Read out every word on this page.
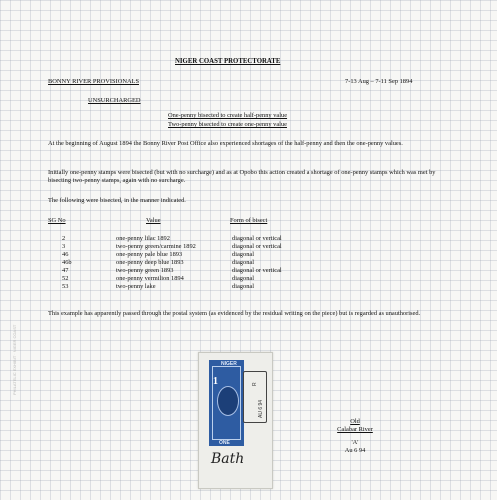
PHILATELIC EXHIBIT · NIGER COAST
NIGER COAST PROTECTORATE
BONNY RIVER PROVISIONALS	7-13 Aug – 7-11 Sep 1894
UNSURCHARGED
One-penny bisected to create half-penny value
Two-penny bisected to create one-penny value
At the beginning of August 1894 the Bonny River Post Office also experienced shortages of the half-penny and then the one-penny values.
Initially one-penny stamps were bisected (but with no surcharge) and as at Opobo this action created a shortage of one-penny stamps which was met by bisecting two-penny stamps, again with no surcharge.
The following were bisected, in the manner indicated.
SG No	Value	Form of bisect
2	one-penny lilac 1892	diagonal or vertical
3	two-penny green/carmine 1892	diagonal or vertical
46	one-penny pale blue 1893	diagonal
46b	one-penny deep blue 1893	diagonal
47	two-penny green 1893	diagonal or vertical
52	one-penny vermilion 1894	diagonal
53	two-penny lake	diagonal
This example has apparently passed through the postal system (as evidenced by the residual writing on the piece) but is regarded as unauthorised.
NIGER
1
ONE
R
AU 6 94
Bath
Old
Calabar River
'A'
Au 6 94
